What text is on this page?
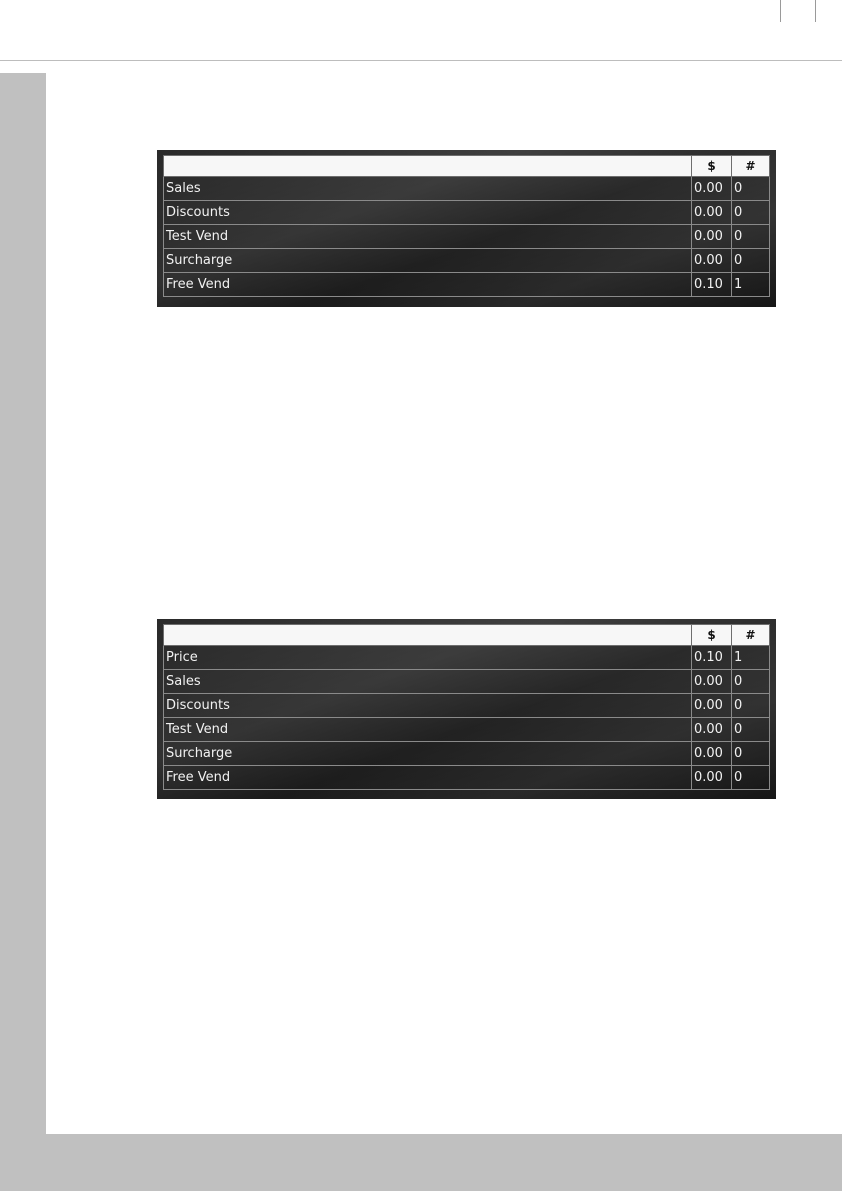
	$	#
Sales	0.00	0
Discounts	0.00	0
Test Vend	0.00	0
Surcharge	0.00	0
Free Vend	0.10	1
	$	#
Price	0.10	1
Sales	0.00	0
Discounts	0.00	0
Test Vend	0.00	0
Surcharge	0.00	0
Free Vend	0.00	0
